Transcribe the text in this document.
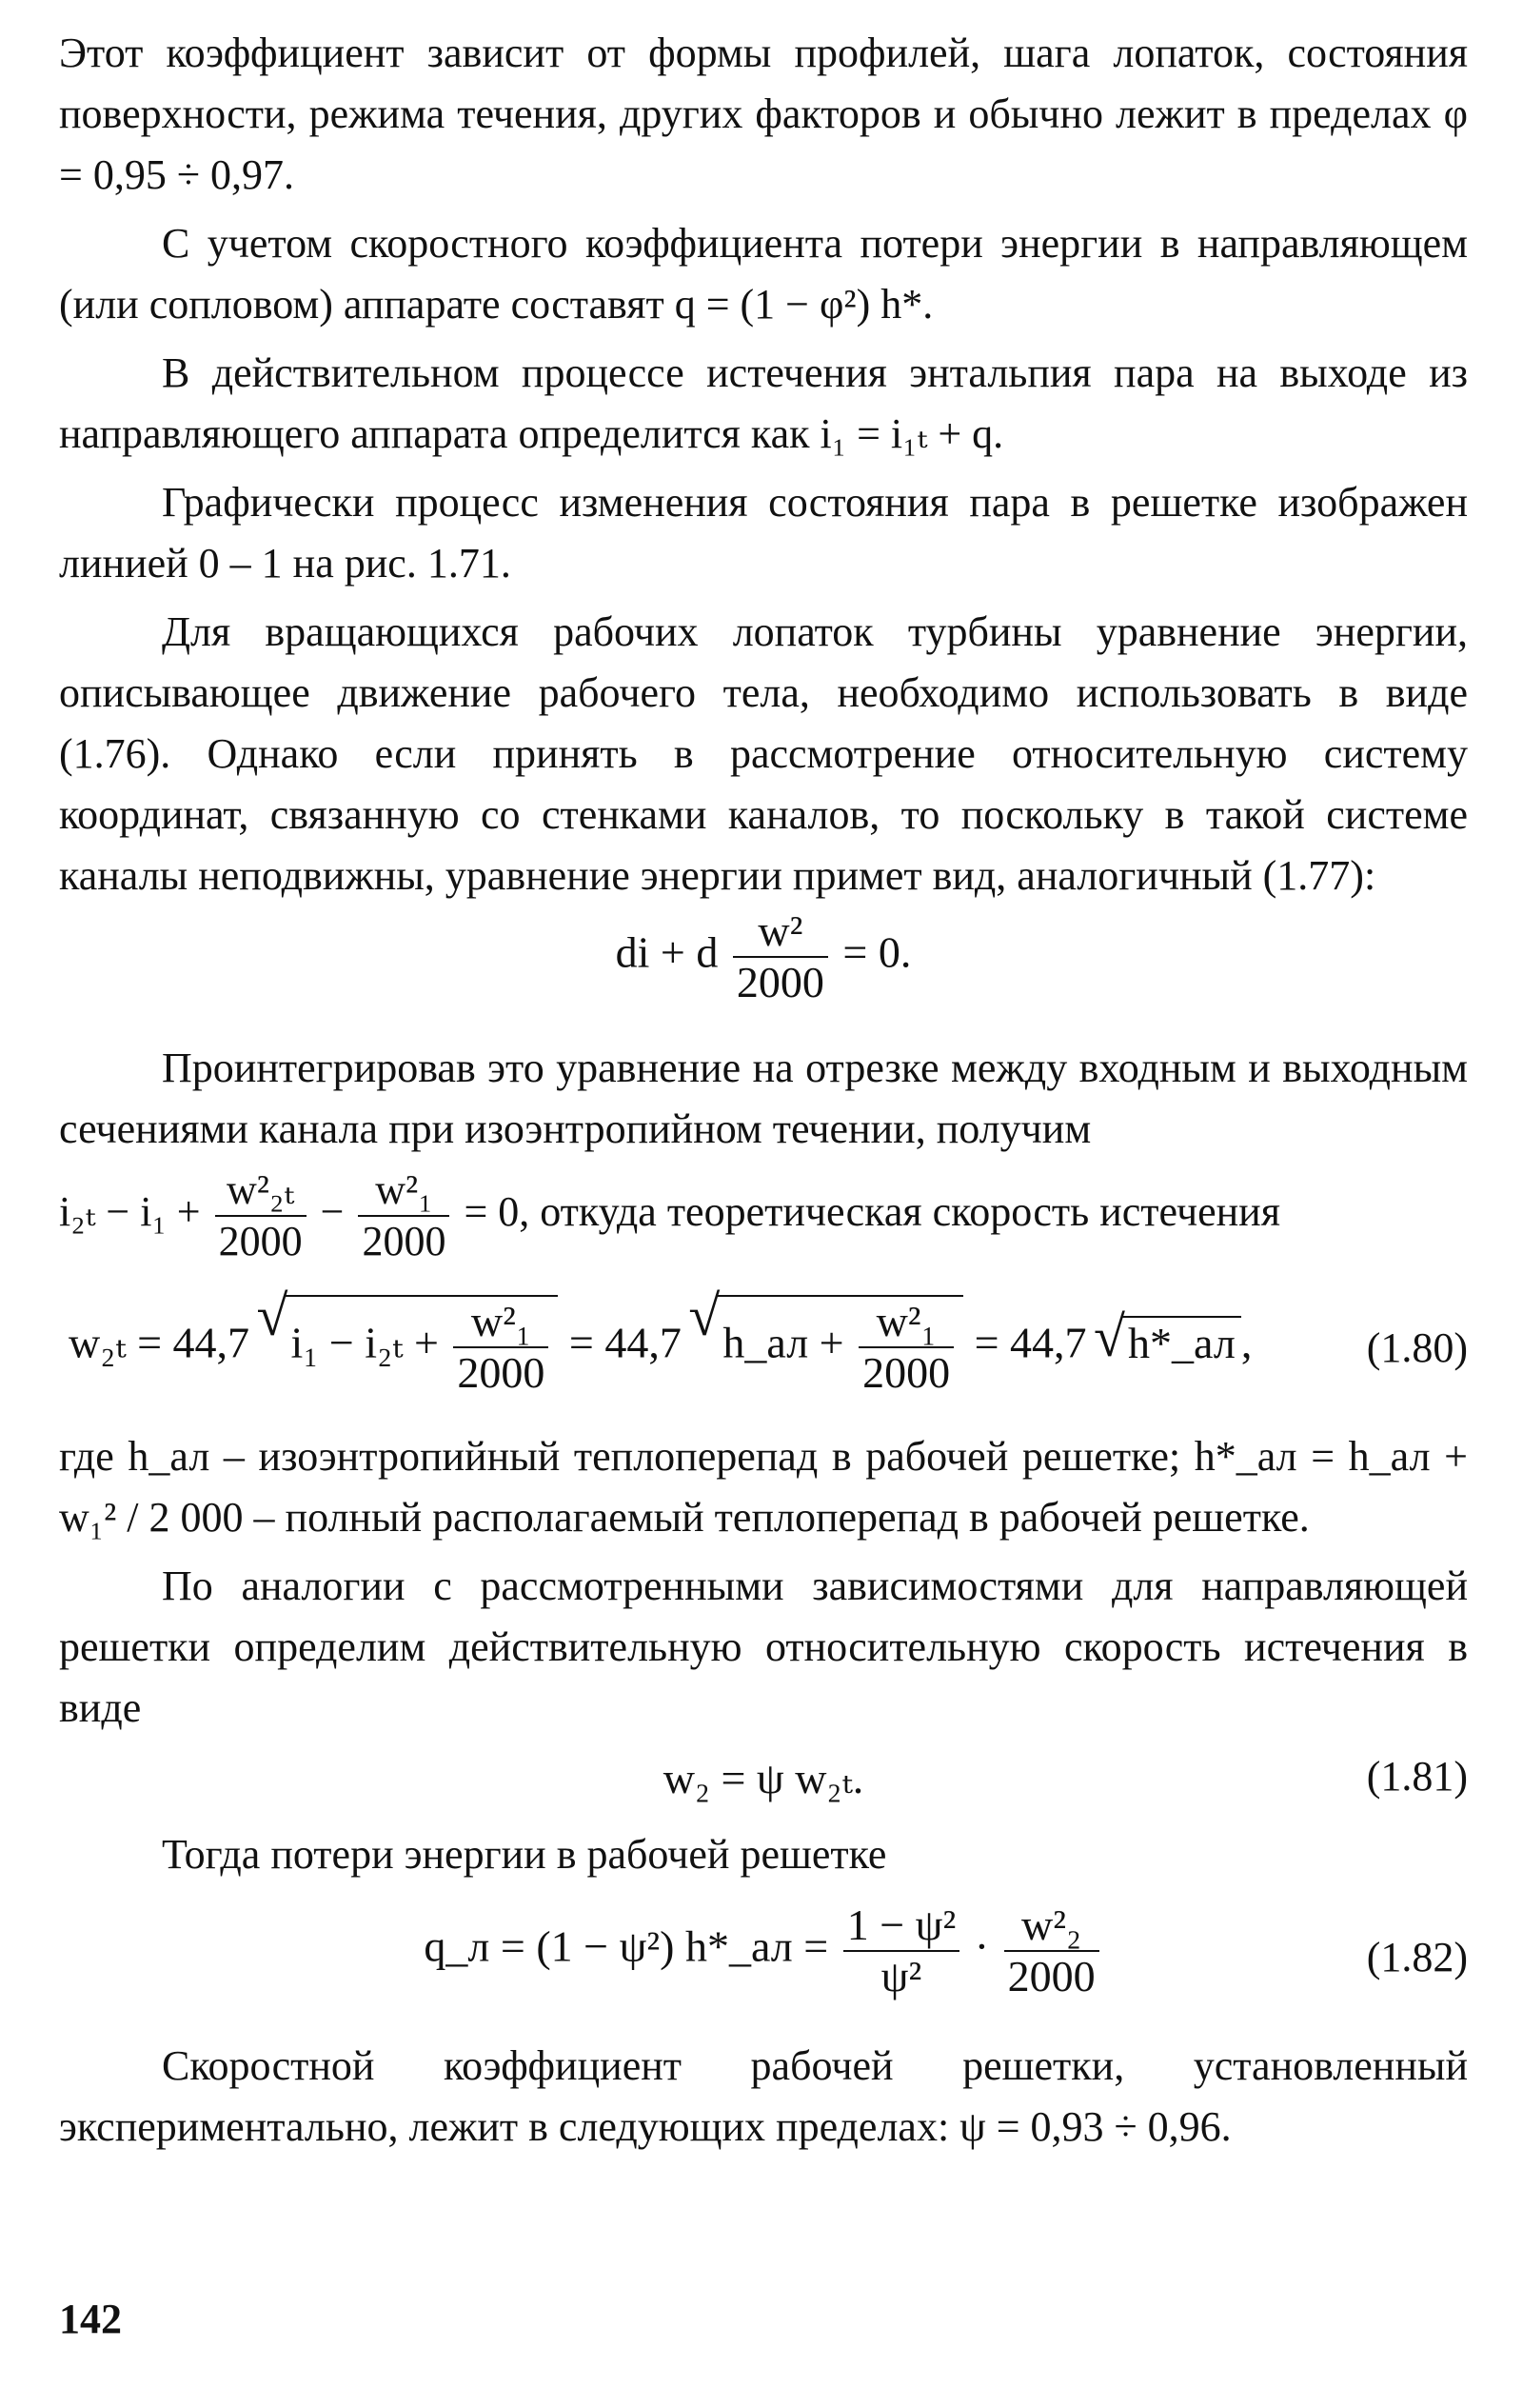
Этот коэффициент зависит от формы профилей, шага лопаток, состояния поверхности, режима течения, других факторов и обычно лежит в пределах φ = 0,95 ÷ 0,97.

С учетом скоростного коэффициента потери энергии в направляющем (или сопловом) аппарате составят q = (1 − φ²) h*.

В действительном процессе истечения энтальпия пара на выходе из направляющего аппарата определится как i₁ = i₁ₜ + q.

Графически процесс изменения состояния пара в решетке изображен линией 0 – 1 на рис. 1.71.

Для вращающихся рабочих лопаток турбины уравнение энергии, описывающее движение рабочего тела, необходимо использовать в виде (1.76). Однако если принять в рассмотрение относительную систему координат, связанную со стенками каналов, то поскольку в такой системе каналы неподвижны, уравнение энергии примет вид, аналогичный (1.77):

di + d $\frac{\text{w²}}{2000} = 0$.

Проинтегрировав это уравнение на отрезке между входным и выходным сечениями канала при изоэнтропийном течении, получим

$i_{2t} - i_1 + \frac{\text{w²₂ₜ}}{2000} - \frac{\text{w²₁}}{2000} = 0$, откуда теоретическая скорость истечения
w₂ₜ = 44,7 √ $i_1 - i_{2t} + \frac{\text{w²₁}}{2000} = 44,7$ √ h_ал + $\frac{\text{w²₁}}{2000} = 44,7$ √ h*_ал ,	(1.80)

где h_ал – изоэнтропийный теплоперепад в рабочей решетке; h*_ал = h_ал + w₁² / 2 000 – полный располагаемый теплоперепад в рабочей решетке.

По аналогии с рассмотренными зависимостями для направляющей решетки определим действительную относительную скорость истечения в виде

w₂ = ψ w₂ₜ.	(1.81)

Тогда потери энергии в рабочей решетке

q_л = (1 − ψ²) h*_ал = $\frac{\text{1 − ψ²}}{\text{ψ²}} \cdot \frac{\text{w²₂}}{2000}$	(1.82)

Скоростной коэффициент рабочей решетки, установленный экспериментально, лежит в следующих пределах: ψ = 0,93 ÷ 0,96.

142
